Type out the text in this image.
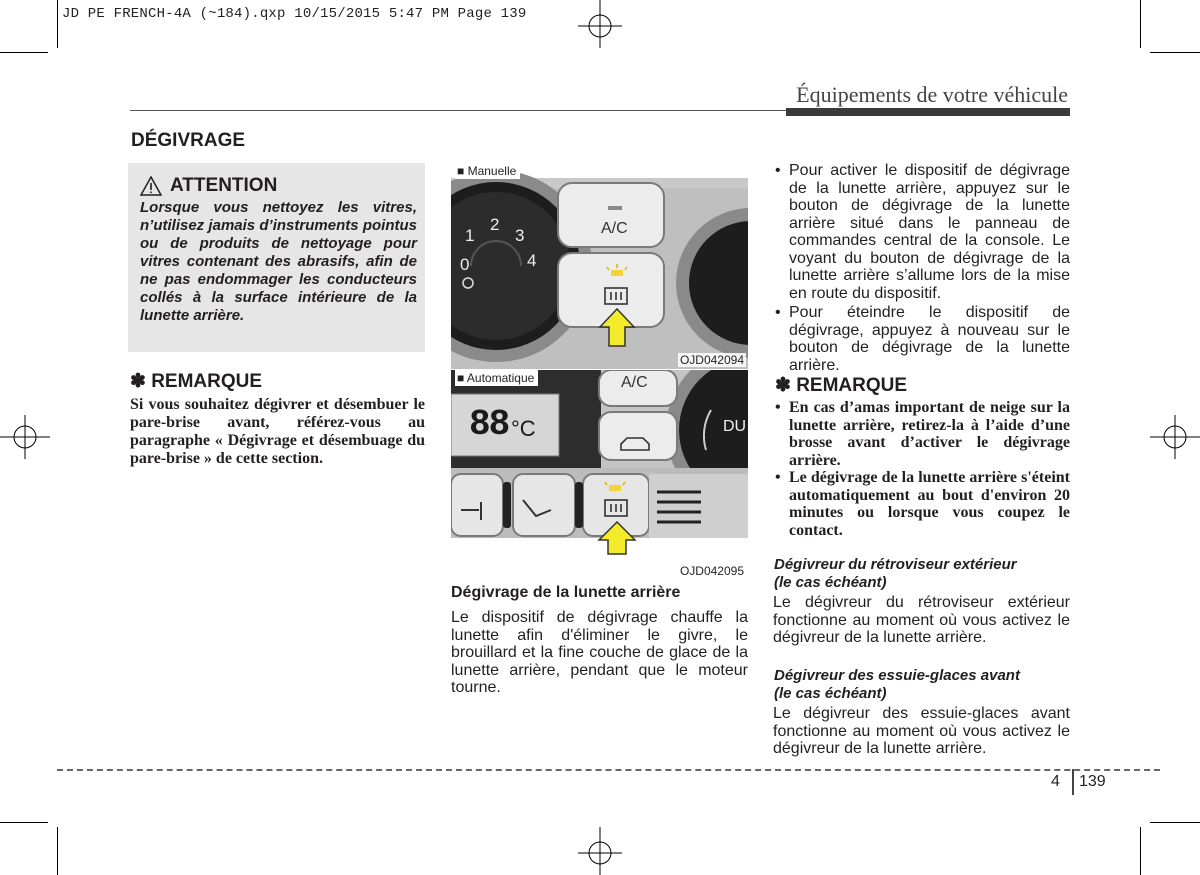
JD PE FRENCH-4A (~184).qxp 10/15/2015 5:47 PM Page 139
Équipements de votre véhicule
DÉGIVRAGE
ATTENTION
Lorsque vous nettoyez les vitres, n’utilisez jamais d’instruments pointus ou de produits de nettoyage pour vitres contenant des abrasifs, afin de ne pas endommager les conducteurs collés à la surface intérieure de la lunette arrière.
✽ REMARQUE
Si vous souhaitez dégivrer et désembuer le pare-brise avant, référez-vous au paragraphe « Dégivrage et désembuage du pare-brise » de cette section.
0
1
2
3
4
A/C
■ Manuelle
OJD042094
88 °C
A/C
DU
■ Automatique
OJD042095
Dégivrage de la lunette arrière
Le dispositif de dégivrage chauffe la lunette afin d'éliminer le givre, le brouillard et la fine couche de glace de la lunette arrière, pendant que le moteur tourne.
• Pour activer le dispositif de dégivrage de la lunette arrière, appuyez sur le bouton de dégivrage de la lunette arrière situé dans le panneau de commandes central de la console. Le voyant du bouton de dégivrage de la lunette arrière s’allume lors de la mise en route du dispositif.
• Pour éteindre le dispositif de dégivrage, appuyez à nouveau sur le bouton de dégivrage de la lunette arrière.
✽ REMARQUE
• En cas d’amas important de neige sur la lunette arrière, retirez-la à l’aide d’une brosse avant d’activer le dégivrage arrière.
• Le dégivrage de la lunette arrière s'éteint automatiquement au bout d'environ 20 minutes ou lorsque vous coupez le contact.
Dégivreur du rétroviseur extérieur
(le cas échéant)
Le dégivreur du rétroviseur extérieur fonctionne au moment où vous activez le dégivreur de la lunette arrière.
Dégivreur des essuie-glaces avant
(le cas échéant)
Le dégivreur des essuie-glaces avant fonctionne au moment où vous activez le dégivreur de la lunette arrière.
4 139
